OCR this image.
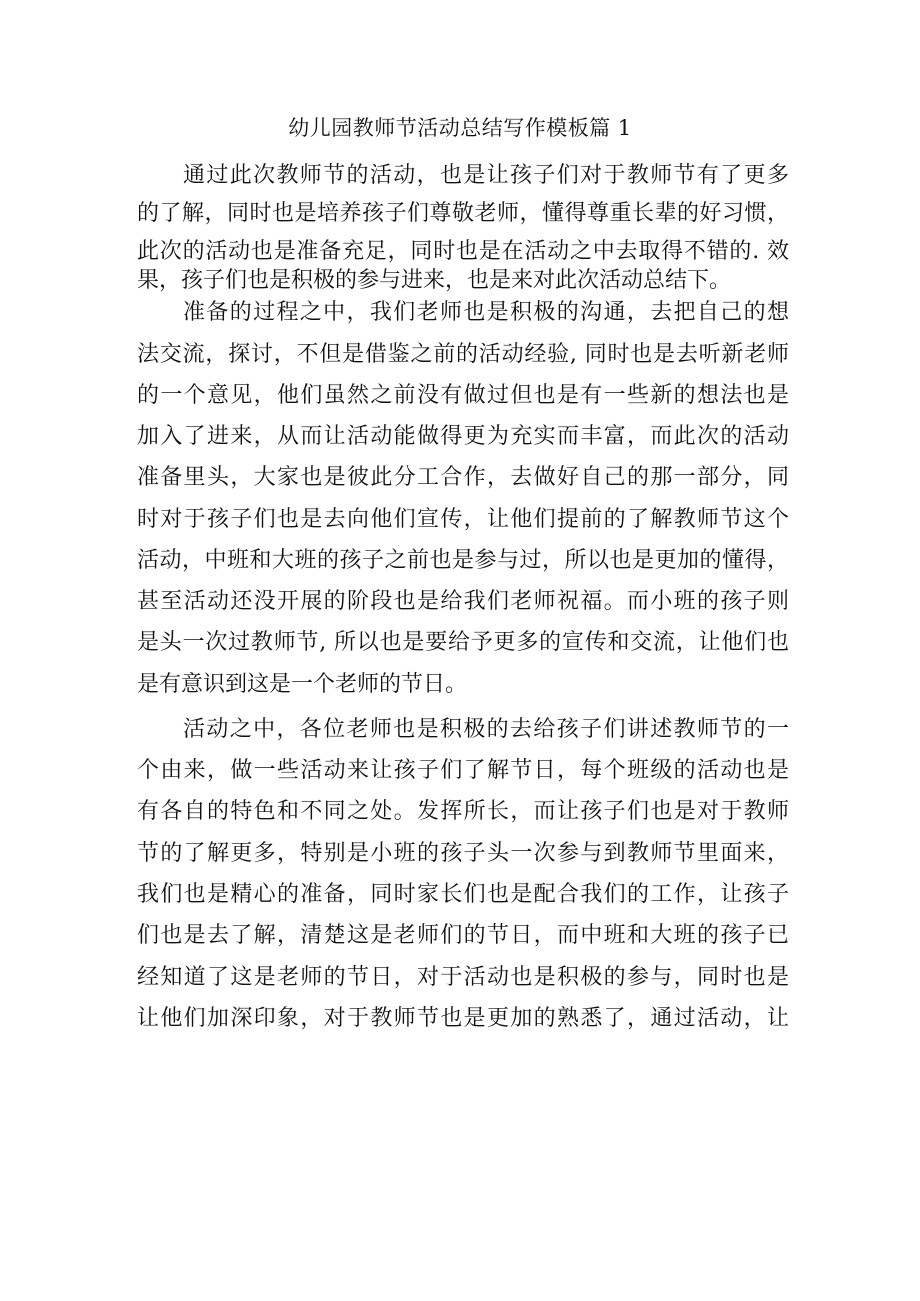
幼儿园教师节活动总结写作模板篇 1
通过此次教师节的活动，也是让孩子们对于教师节有了更多
的了解，同时也是培养孩子们尊敬老师，懂得尊重长辈的好习惯，
此次的活动也是准备充足，同时也是在活动之中去取得不错的. 效
果，孩子们也是积极的参与进来，也是来对此次活动总结下。
准备的过程之中，我们老师也是积极的沟通，去把自己的想
法交流，探讨，不但是借鉴之前的活动经验, 同时也是去听新老师
的一个意见，他们虽然之前没有做过但也是有一些新的想法也是
加入了进来，从而让活动能做得更为充实而丰富，而此次的活动
准备里头，大家也是彼此分工合作，去做好自己的那一部分，同
时对于孩子们也是去向他们宣传，让他们提前的了解教师节这个
活动，中班和大班的孩子之前也是参与过，所以也是更加的懂得，
甚至活动还没开展的阶段也是给我们老师祝福。而小班的孩子则
是头一次过教师节, 所以也是要给予更多的宣传和交流，让他们也
是有意识到这是一个老师的节日。
活动之中，各位老师也是积极的去给孩子们讲述教师节的一
个由来，做一些活动来让孩子们了解节日，每个班级的活动也是
有各自的特色和不同之处。发挥所长，而让孩子们也是对于教师
节的了解更多，特别是小班的孩子头一次参与到教师节里面来，
我们也是精心的准备，同时家长们也是配合我们的工作，让孩子
们也是去了解，清楚这是老师们的节日，而中班和大班的孩子已
经知道了这是老师的节日，对于活动也是积极的参与，同时也是
让他们加深印象，对于教师节也是更加的熟悉了，通过活动，让
